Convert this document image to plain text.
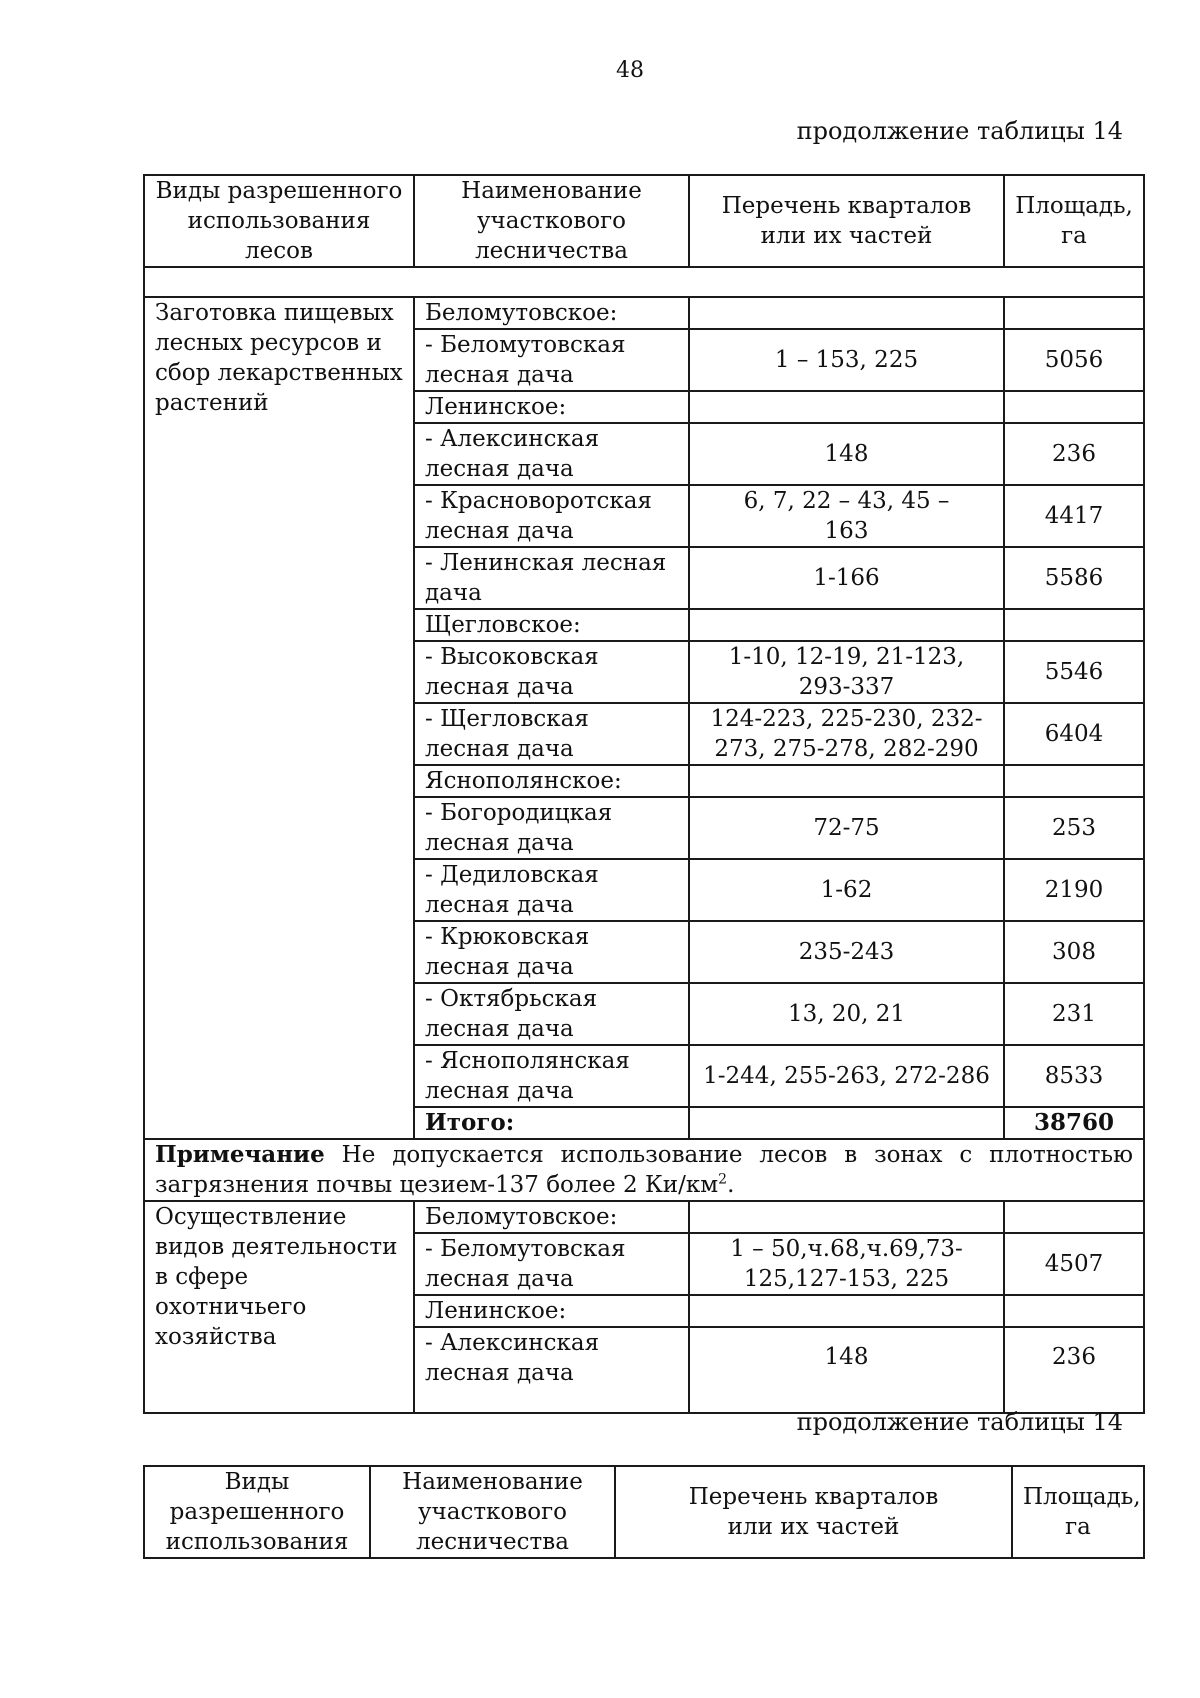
48
продолжение таблицы 14
Виды разрешенного использования лесов	Наименование участкового лесничества	Перечень кварталов или их частей	Площадь, га

Заготовка пищевых лесных ресурсов и сбор лекарственных растений	Беломутовское:		
	- Беломутовская лесная дача	1 – 153, 225	5056
	Ленинское:		
	- Алексинская лесная дача	148	236
	- Красноворотская лесная дача	6, 7, 22 – 43, 45 – 163	4417
	- Ленинская лесная дача	1-166	5586
	Щегловское:		
	- Высоковская лесная дача	1-10, 12-19, 21-123, 293-337	5546
	- Щегловская лесная дача	124-223, 225-230, 232-273, 275-278, 282-290	6404
	Яснополянское:		
	- Богородицкая лесная дача	72-75	253
	- Дедиловская лесная дача	1-62	2190
	- Крюковская лесная дача	235-243	308
	- Октябрьская лесная дача	13, 20, 21	231
	- Яснополянская лесная дача	1-244, 255-263, 272-286	8533
	Итого:		38760
Примечание Не допускается использование лесов в зонах с плотностью загрязнения почвы цезием-137 более 2 $Ки/км^2$.			
Осуществление видов деятельности в сфере охотничьего хозяйства	Беломутовское:		
	- Беломутовская лесная дача	1 – 50,ч.68,ч.69,73-125,127-153, 225	4507
	Ленинское:		
	- Алексинская лесная дача	148	236
продолжение таблицы 14
Виды разрешенного использования	Наименование участкового лесничества	Перечень кварталов или их частей	Площадь, га
